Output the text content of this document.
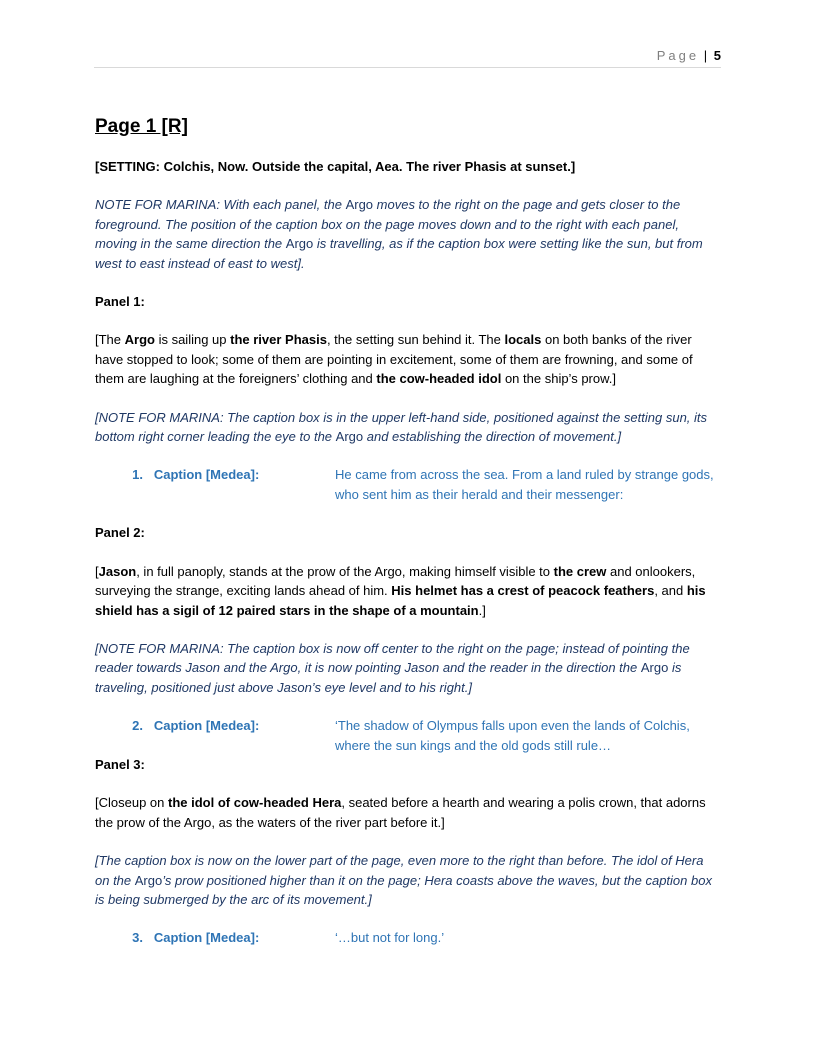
Page | 5
Page 1 [R]

[SETTING: Colchis, Now. Outside the capital, Aea. The river Phasis at sunset.]

NOTE FOR MARINA: With each panel, the Argo moves to the right on the page and gets closer to the foreground. The position of the caption box on the page moves down and to the right with each panel, moving in the same direction the Argo is travelling, as if the caption box were setting like the sun, but from west to east instead of east to west].

Panel 1:

[The Argo is sailing up the river Phasis, the setting sun behind it. The locals on both banks of the river have stopped to look; some of them are pointing in excitement, some of them are frowning, and some of them are laughing at the foreigners’ clothing and the cow-headed idol on the ship’s prow.]

[NOTE FOR MARINA: The caption box is in the upper left-hand side, positioned against the setting sun, its bottom right corner leading the eye to the Argo and establishing the direction of movement.]

1. Caption [Medea]:	He came from across the sea. From a land ruled by strange gods, who sent him as their herald and their messenger:

Panel 2:

[Jason, in full panoply, stands at the prow of the Argo, making himself visible to the crew and onlookers, surveying the strange, exciting lands ahead of him. His helmet has a crest of peacock feathers, and his shield has a sigil of 12 paired stars in the shape of a mountain.]

[NOTE FOR MARINA: The caption box is now off center to the right on the page; instead of pointing the reader towards Jason and the Argo, it is now pointing Jason and the reader in the direction the Argo is traveling, positioned just above Jason’s eye level and to his right.]

2. Caption [Medea]:	‘The shadow of Olympus falls upon even the lands of Colchis, where the sun kings and the old gods still rule…

Panel 3:

[Closeup on the idol of cow-headed Hera, seated before a hearth and wearing a polis crown, that adorns the prow of the Argo, as the waters of the river part before it.]

[The caption box is now on the lower part of the page, even more to the right than before. The idol of Hera on the Argo’s prow positioned higher than it on the page; Hera coasts above the waves, but the caption box is being submerged by the arc of its movement.]

3. Caption [Medea]:	‘…but not for long.’
